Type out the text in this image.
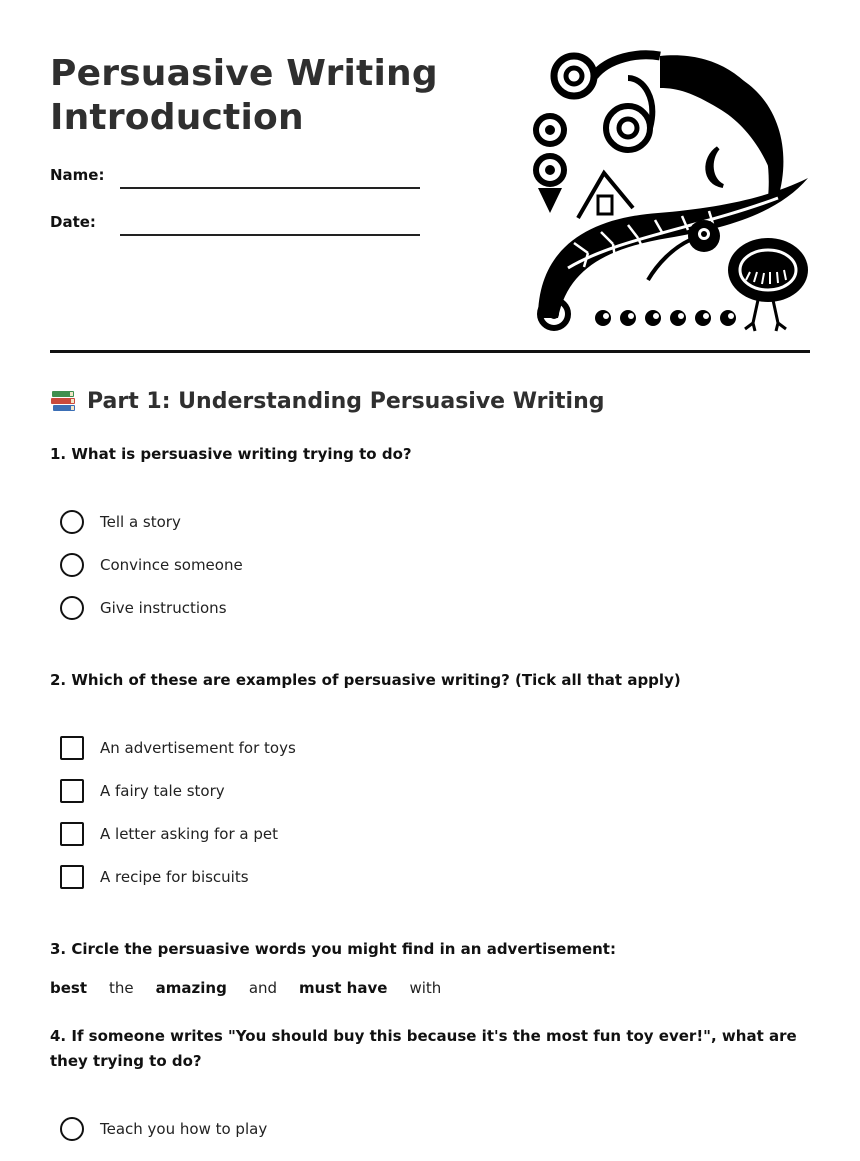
Persuasive Writing
Introduction
Name:
Date:
Part 1: Understanding Persuasive Writing

1. What is persuasive writing trying to do?

Tell a story
Convince someone
Give instructions

2. Which of these are examples of persuasive writing? (Tick all that apply)

An advertisement for toys
A fairy tale story
A letter asking for a pet
A recipe for biscuits

3. Circle the persuasive words you might find in an advertisement:

best the amazing and must have with

4. If someone writes "You should buy this because it's the most fun toy ever!", what are they trying to do?

Teach you how to play
